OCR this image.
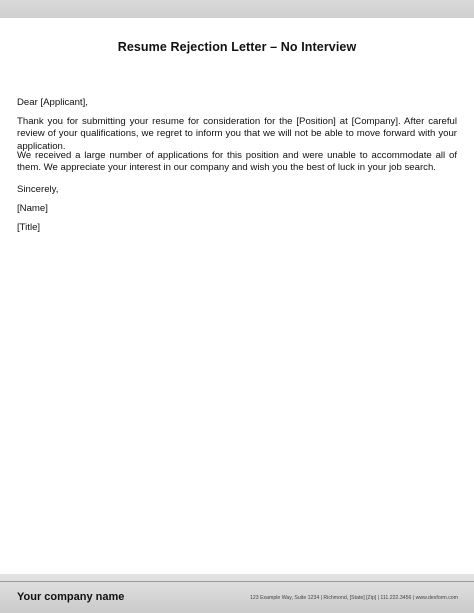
Resume Rejection Letter – No Interview
Dear [Applicant],
Thank you for submitting your resume for consideration for the [Position] at [Company]. After careful review of your qualifications, we regret to inform you that we will not be able to move forward with your application.
We received a large number of applications for this position and were unable to accommodate all of them. We appreciate your interest in our company and wish you the best of luck in your job search.
Sincerely,
[Name]
[Title]
Your company name	123 Example Way, Suite 1234 | Richmond, [State] [Zip] | 111.222.3456 | www.dexform.com
